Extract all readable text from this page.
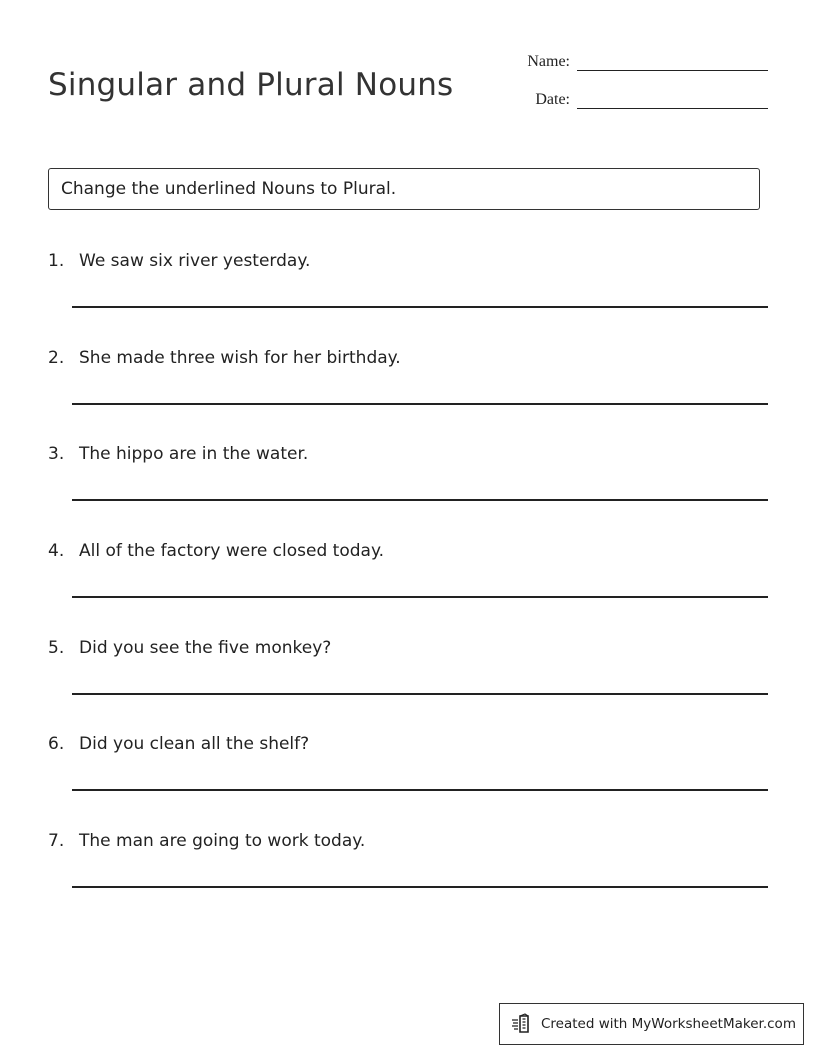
Singular and Plural Nouns
Name:
Date:
Change the underlined Nouns to Plural.
1. We saw six river yesterday.
2. She made three wish for her birthday.
3. The hippo are in the water.
4. All of the factory were closed today.
5. Did you see the five monkey?
6. Did you clean all the shelf?
7. The man are going to work today.
Created with MyWorksheetMaker.com
